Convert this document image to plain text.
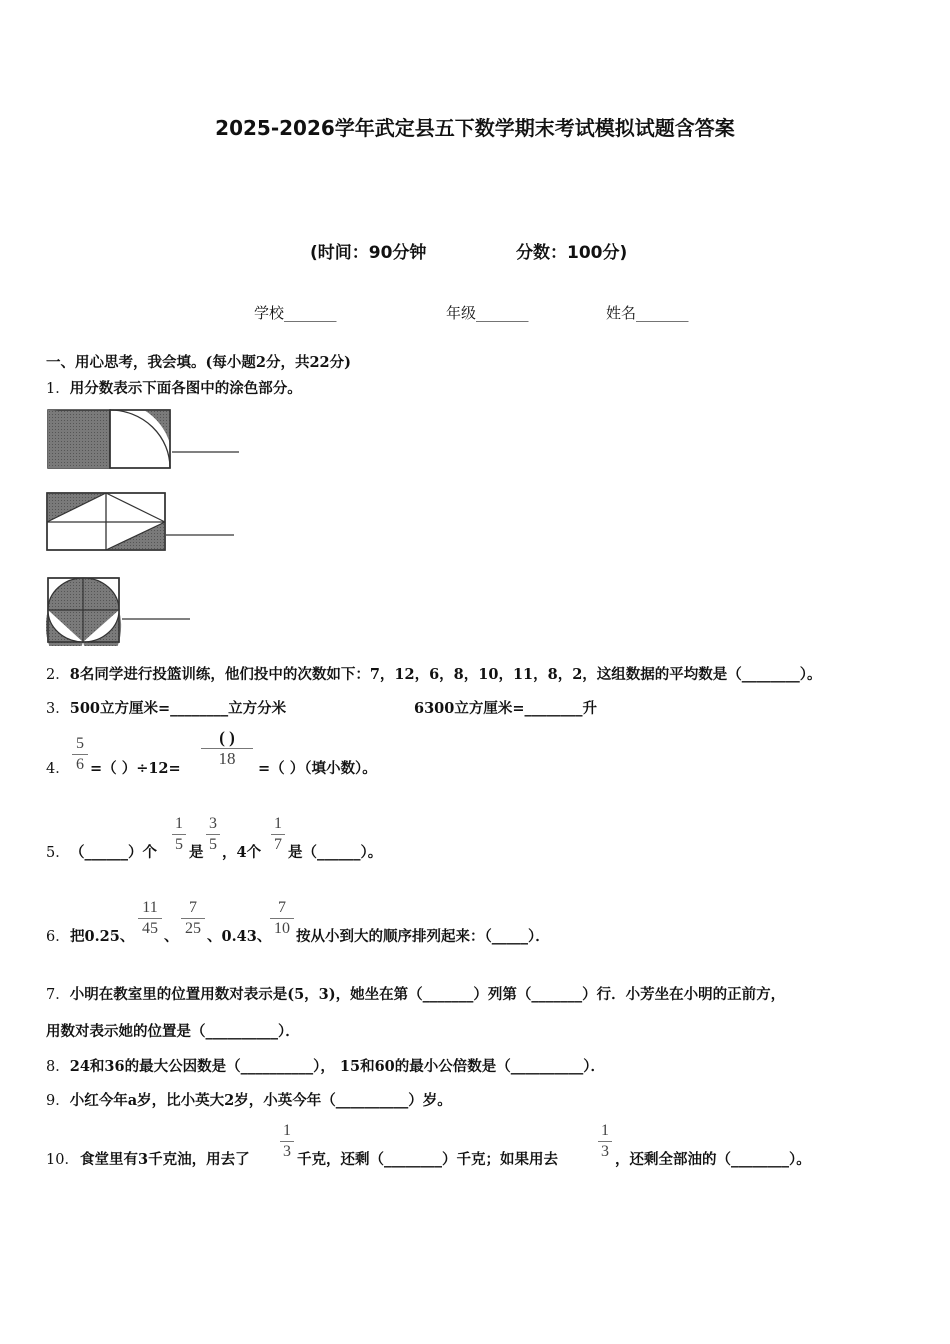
2025-2026学年武定县五下数学期末考试模拟试题含答案
(时间：90分钟	分数：100分)
学校_______	年级_______	姓名_______
一、用心思考，我会填。(每小题2分，共22分)
1．用分数表示下面各图中的涂色部分。
2．8名同学进行投篮训练，他们投中的次数如下：7，12，6，8，10，11，8，2，这组数据的平均数是（________）。
3．500立方厘米=________立方分米	6300立方厘米=________升
4．
5
6 =（ ）÷12=
( )
18
=（ ）（填小数）。
5． （______）个
1
5 是
3
5 ，4个
1
7 是（______）。
6． 把0.25、
11
45 、
7
25 、0.43、
7
10 按从小到大的顺序排列起来：（_____）．
7．小明在教室里的位置用数对表示是(5，3)，她坐在第（_______）列第（_______）行．小芳坐在小明的正前方，
用数对表示她的位置是（__________）．
8．24和36的最大公因数是（__________）， 15和60的最小公倍数是（__________）．
9．小红今年a岁，比小英大2岁，小英今年（__________）岁。
10． 食堂里有3千克油，用去了
1
3 千克，还剩（________）千克；如果用去
1
3 ，还剩全部油的（________）。
